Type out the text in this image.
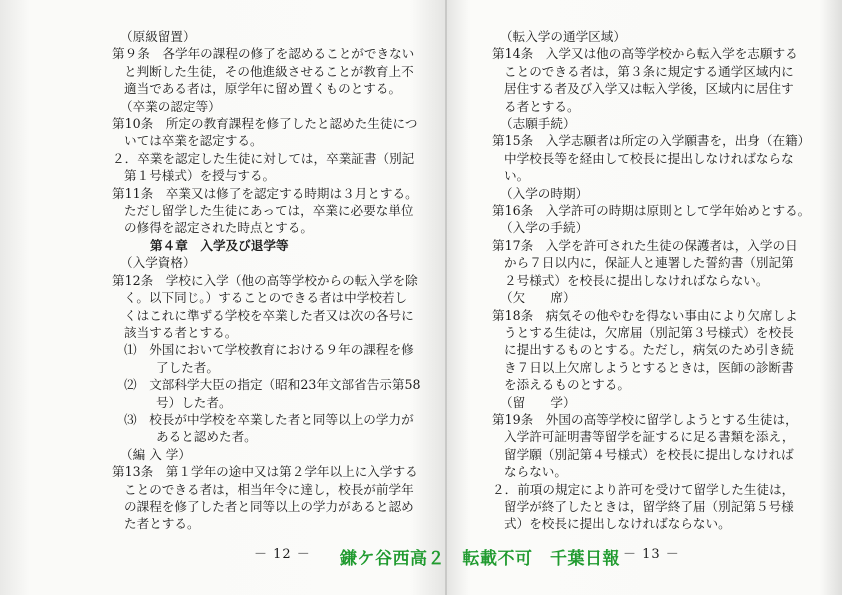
（原級留置）
第９条　各学年の課程の修了を認めることができない
と判断した生徒，その他進級させることが教育上不
適当である者は，原学年に留め置くものとする。
（卒業の認定等）
第10条　所定の教育課程を修了したと認めた生徒につ
いては卒業を認定する。
２．卒業を認定した生徒に対しては，卒業証書（別記
第１号様式）を授与する。
第11条　卒業又は修了を認定する時期は３月とする。
ただし留学した生徒にあっては，卒業に必要な単位
の修得を認定された時点とする。
第４章　入学及び退学等
（入学資格）
第12条　学校に入学（他の高等学校からの転入学を除
く。以下同じ。）することのできる者は中学校若し
くはこれに準ずる学校を卒業した者又は次の各号に
該当する者とする。
⑴　外国において学校教育における９年の課程を修
了した者。
⑵　文部科学大臣の指定（昭和23年文部省告示第58
号）した者。
⑶　校長が中学校を卒業した者と同等以上の学力が
あると認めた者。
（編 入 学）
第13条　第１学年の途中又は第２学年以上に入学する
ことのできる者は，相当年令に達し，校長が前学年
の課程を修了した者と同等以上の学力があると認め
た者とする。
（転入学の通学区域）
第14条　入学又は他の高等学校から転入学を志願する
ことのできる者は，第３条に規定する通学区域内に
居住する者及び入学又は転入学後，区域内に居住す
る者とする。
（志願手続）
第15条　入学志願者は所定の入学願書を，出身（在籍）
中学校長等を経由して校長に提出しなければならな
い。
（入学の時期）
第16条　入学許可の時期は原則として学年始めとする。
（入学の手続）
第17条　入学を許可された生徒の保護者は，入学の日
から７日以内に，保証人と連署した誓約書（別記第
２号様式）を校長に提出しなければならない。
（欠　　席）
第18条　病気その他やむを得ない事由により欠席しよ
うとする生徒は，欠席届（別記第３号様式）を校長
に提出するものとする。ただし，病気のため引き続
き７日以上欠席しようとするときは，医師の診断書
を添えるものとする。
（留　　学）
第19条　外国の高等学校に留学しようとする生徒は，
入学許可証明書等留学を証するに足る書類を添え，
留学願（別記第４号様式）を校長に提出しなければ
ならない。
２．前項の規定により許可を受けて留学した生徒は，
留学が終了したときは，留学終了届（別記第５号様
式）を校長に提出しなければならない。
－ 12 －	－ 13 －
鎌ケ谷西高２　転載不可　千葉日報
